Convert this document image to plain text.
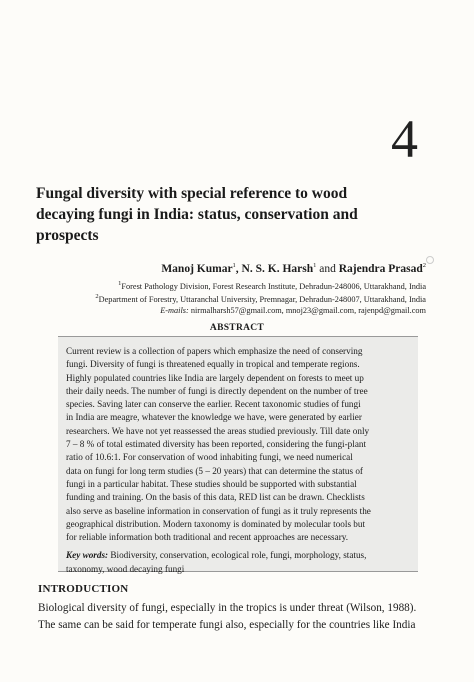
4
Fungal diversity with special reference to wood
decaying fungi in India: status, conservation and
prospects
Manoj Kumar$^1$, N. S. K. Harsh$^1$ and Rajendra Prasad$^2$
$^1$Forest Pathology Division, Forest Research Institute, Dehradun-248006, Uttarakhand, India
$^2$Department of Forestry, Uttaranchal University, Premnagar, Dehradun-248007, Uttarakhand, India
E-mails: nirmalharsh57@gmail.com, mnoj23@gmail.com, rajenpd@gmail.com
ABSTRACT
Current review is a collection of papers which emphasize the need of conserving
fungi. Diversity of fungi is threatened equally in tropical and temperate regions.
Highly populated countries like India are largely dependent on forests to meet up
their daily needs. The number of fungi is directly dependent on the number of tree
species. Saving later can conserve the earlier. Recent taxonomic studies of fungi
in India are meagre, whatever the knowledge we have, were generated by earlier
researchers. We have not yet reassessed the areas studied previously. Till date only
7 – 8 % of total estimated diversity has been reported, considering the fungi-plant
ratio of 10.6:1. For conservation of wood inhabiting fungi, we need numerical
data on fungi for long term studies (5 – 20 years) that can determine the status of
fungi in a particular habitat. These studies should be supported with substantial
funding and training. On the basis of this data, RED list can be drawn. Checklists
also serve as baseline information in conservation of fungi as it truly represents the
geographical distribution. Modern taxonomy is dominated by molecular tools but
for reliable information both traditional and recent approaches are necessary.
Key words: Biodiversity, conservation, ecological role, fungi, morphology, status,
taxonomy, wood decaying fungi
INTRODUCTION
Biological diversity of fungi, especially in the tropics is under threat (Wilson, 1988).
The same can be said for temperate fungi also, especially for the countries like India
